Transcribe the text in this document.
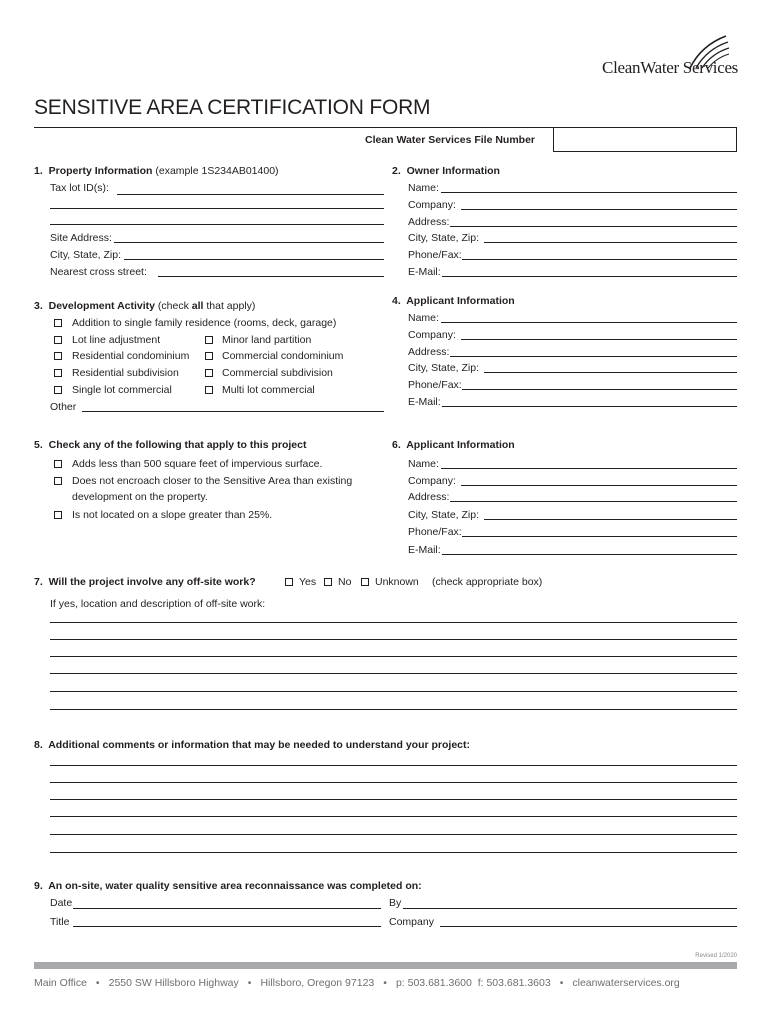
CleanWater Services
SENSITIVE AREA CERTIFICATION FORM
Clean Water Services File Number
1. Property Information (example 1S234AB01400)
Tax lot ID(s):
Site Address:
City, State, Zip:
Nearest cross street:
2. Owner Information
Name:
Company:
Address:
City, State, Zip:
Phone/Fax:
E-Mail:
3. Development Activity (check all that apply)
Addition to single family residence (rooms, deck, garage)
Lot line adjustment	Minor land partition
Residential condominium	Commercial condominium
Residential subdivision	Commercial subdivision
Single lot commercial	Multi lot commercial
Other
4. Applicant Information
Name:
Company:
Address:
City, State, Zip:
Phone/Fax:
E-Mail:
5. Check any of the following that apply to this project
Adds less than 500 square feet of impervious surface.
Does not encroach closer to the Sensitive Area than existing
development on the property.
Is not located on a slope greater than 25%.
6. Applicant Information
Name:
Company:
Address:
City, State, Zip:
Phone/Fax:
E-Mail:
7. Will the project involve any off-site work?	Yes No Unknown (check appropriate box)
If yes, location and description of off-site work:
8. Additional comments or information that may be needed to understand your project:
9. An on-site, water quality sensitive area reconnaissance was completed on:
Date	By
Title	Company
Revised 1/2020
Main Office • 2550 SW Hillsboro Highway • Hillsboro, Oregon 97123 • p: 503.681.3600 f: 503.681.3603 • cleanwaterservices.org
